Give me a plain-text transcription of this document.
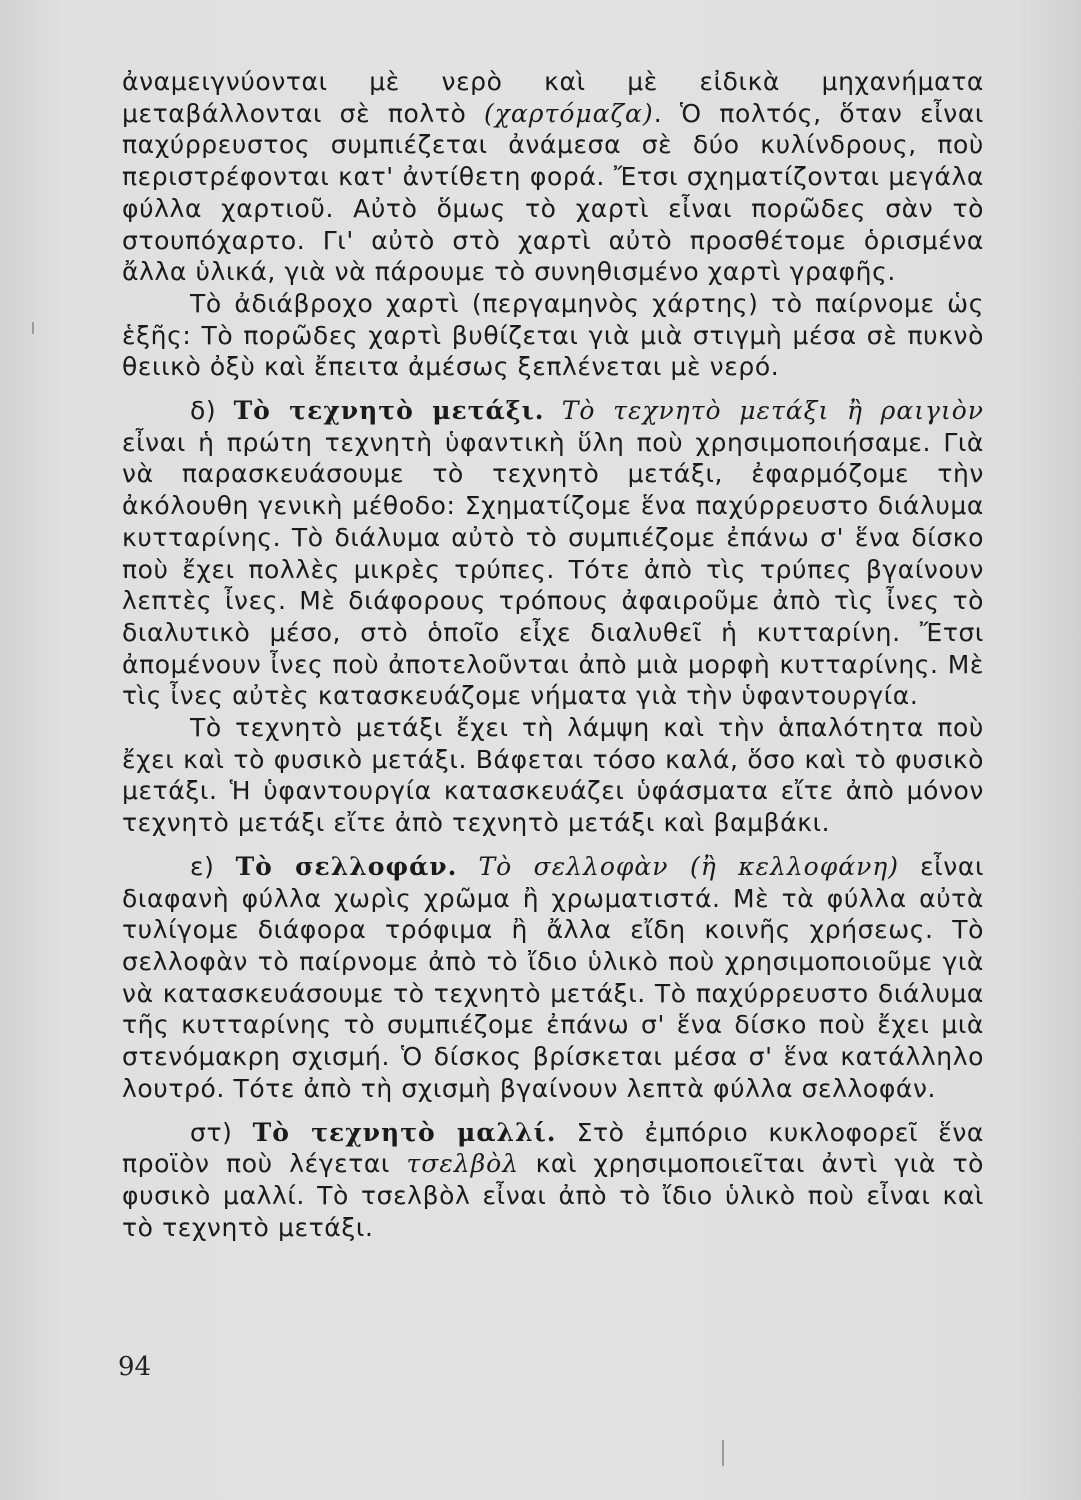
ἀναμειγνύονται μὲ νερὸ καὶ μὲ εἰδικὰ μηχανήματα μεταβάλλονται σὲ πολτὸ (χαρτόμαζα). Ὁ πολτός, ὅταν εἶναι παχύρρευστος συμπιέζεται ἀνάμεσα σὲ δύο κυλίνδρους, ποὺ περιστρέφονται κατ' ἀντίθετη φορά. Ἔτσι σχηματίζονται μεγάλα φύλλα χαρτιοῦ. Αὐτὸ ὅμως τὸ χαρτὶ εἶναι πορῶδες σὰν τὸ στουπόχαρτο. Γι' αὐτὸ στὸ χαρτὶ αὐτὸ προσθέτομε ὁρισμένα ἄλλα ὑλικά, γιὰ νὰ πάρουμε τὸ συνηθισμένο χαρτὶ γραφῆς.

Τὸ ἀδιάβροχο χαρτὶ (περγαμηνὸς χάρτης) τὸ παίρνομε ὡς ἑξῆς: Τὸ πορῶδες χαρτὶ βυθίζεται γιὰ μιὰ στιγμὴ μέσα σὲ πυκνὸ θειικὸ ὀξὺ καὶ ἔπειτα ἀμέσως ξεπλένεται μὲ νερό.

δ) Τὸ τεχνητὸ μετάξι. Τὸ τεχνητὸ μετάξι ἢ ραιγιὸν εἶναι ἡ πρώτη τεχνητὴ ὑφαντικὴ ὕλη ποὺ χρησιμοποιήσαμε. Γιὰ νὰ παρασκευάσουμε τὸ τεχνητὸ μετάξι, ἐφαρμόζομε τὴν ἀκόλουθη γενικὴ μέθοδο: Σχηματίζομε ἕνα παχύρρευστο διάλυμα κυτταρίνης. Τὸ διάλυμα αὐτὸ τὸ συμπιέζομε ἐπάνω σ' ἕνα δίσκο ποὺ ἔχει πολλὲς μικρὲς τρύπες. Τότε ἀπὸ τὶς τρύπες βγαίνουν λεπτὲς ἶνες. Μὲ διάφορους τρόπους ἀφαιροῦμε ἀπὸ τὶς ἶνες τὸ διαλυτικὸ μέσο, στὸ ὁποῖο εἶχε διαλυθεῖ ἡ κυτταρίνη. Ἔτσι ἀπομένουν ἶνες ποὺ ἀποτελοῦνται ἀπὸ μιὰ μορφὴ κυτταρίνης. Μὲ τὶς ἶνες αὐτὲς κατασκευάζομε νήματα γιὰ τὴν ὑφαντουργία.

Τὸ τεχνητὸ μετάξι ἔχει τὴ λάμψη καὶ τὴν ἁπαλότητα ποὺ ἔχει καὶ τὸ φυσικὸ μετάξι. Βάφεται τόσο καλά, ὅσο καὶ τὸ φυσικὸ μετάξι. Ἡ ὑφαντουργία κατασκευάζει ὑφάσματα εἴτε ἀπὸ μόνον τεχνητὸ μετάξι εἴτε ἀπὸ τεχνητὸ μετάξι καὶ βαμβάκι.

ε) Τὸ σελλοφάν. Τὸ σελλοφὰν (ἢ κελλοφάνη) εἶναι διαφανὴ φύλλα χωρὶς χρῶμα ἢ χρωματιστά. Μὲ τὰ φύλλα αὐτὰ τυλίγομε διάφορα τρόφιμα ἢ ἄλλα εἴδη κοινῆς χρήσεως. Τὸ σελλοφὰν τὸ παίρνομε ἀπὸ τὸ ἴδιο ὑλικὸ ποὺ χρησιμοποιοῦμε γιὰ νὰ κατασκευάσουμε τὸ τεχνητὸ μετάξι. Τὸ παχύρρευστο διάλυμα τῆς κυτταρίνης τὸ συμπιέζομε ἐπάνω σ' ἕνα δίσκο ποὺ ἔχει μιὰ στενόμακρη σχισμή. Ὁ δίσκος βρίσκεται μέσα σ' ἕνα κατάλληλο λουτρό. Τότε ἀπὸ τὴ σχισμὴ βγαίνουν λεπτὰ φύλλα σελλοφάν.

στ) Τὸ τεχνητὸ μαλλί. Στὸ ἐμπόριο κυκλοφορεῖ ἕνα προϊὸν ποὺ λέγεται τσελβὸλ καὶ χρησιμοποιεῖται ἀντὶ γιὰ τὸ φυσικὸ μαλλί. Τὸ τσελβὸλ εἶναι ἀπὸ τὸ ἴδιο ὑλικὸ ποὺ εἶναι καὶ τὸ τεχνητὸ μετάξι.

94
